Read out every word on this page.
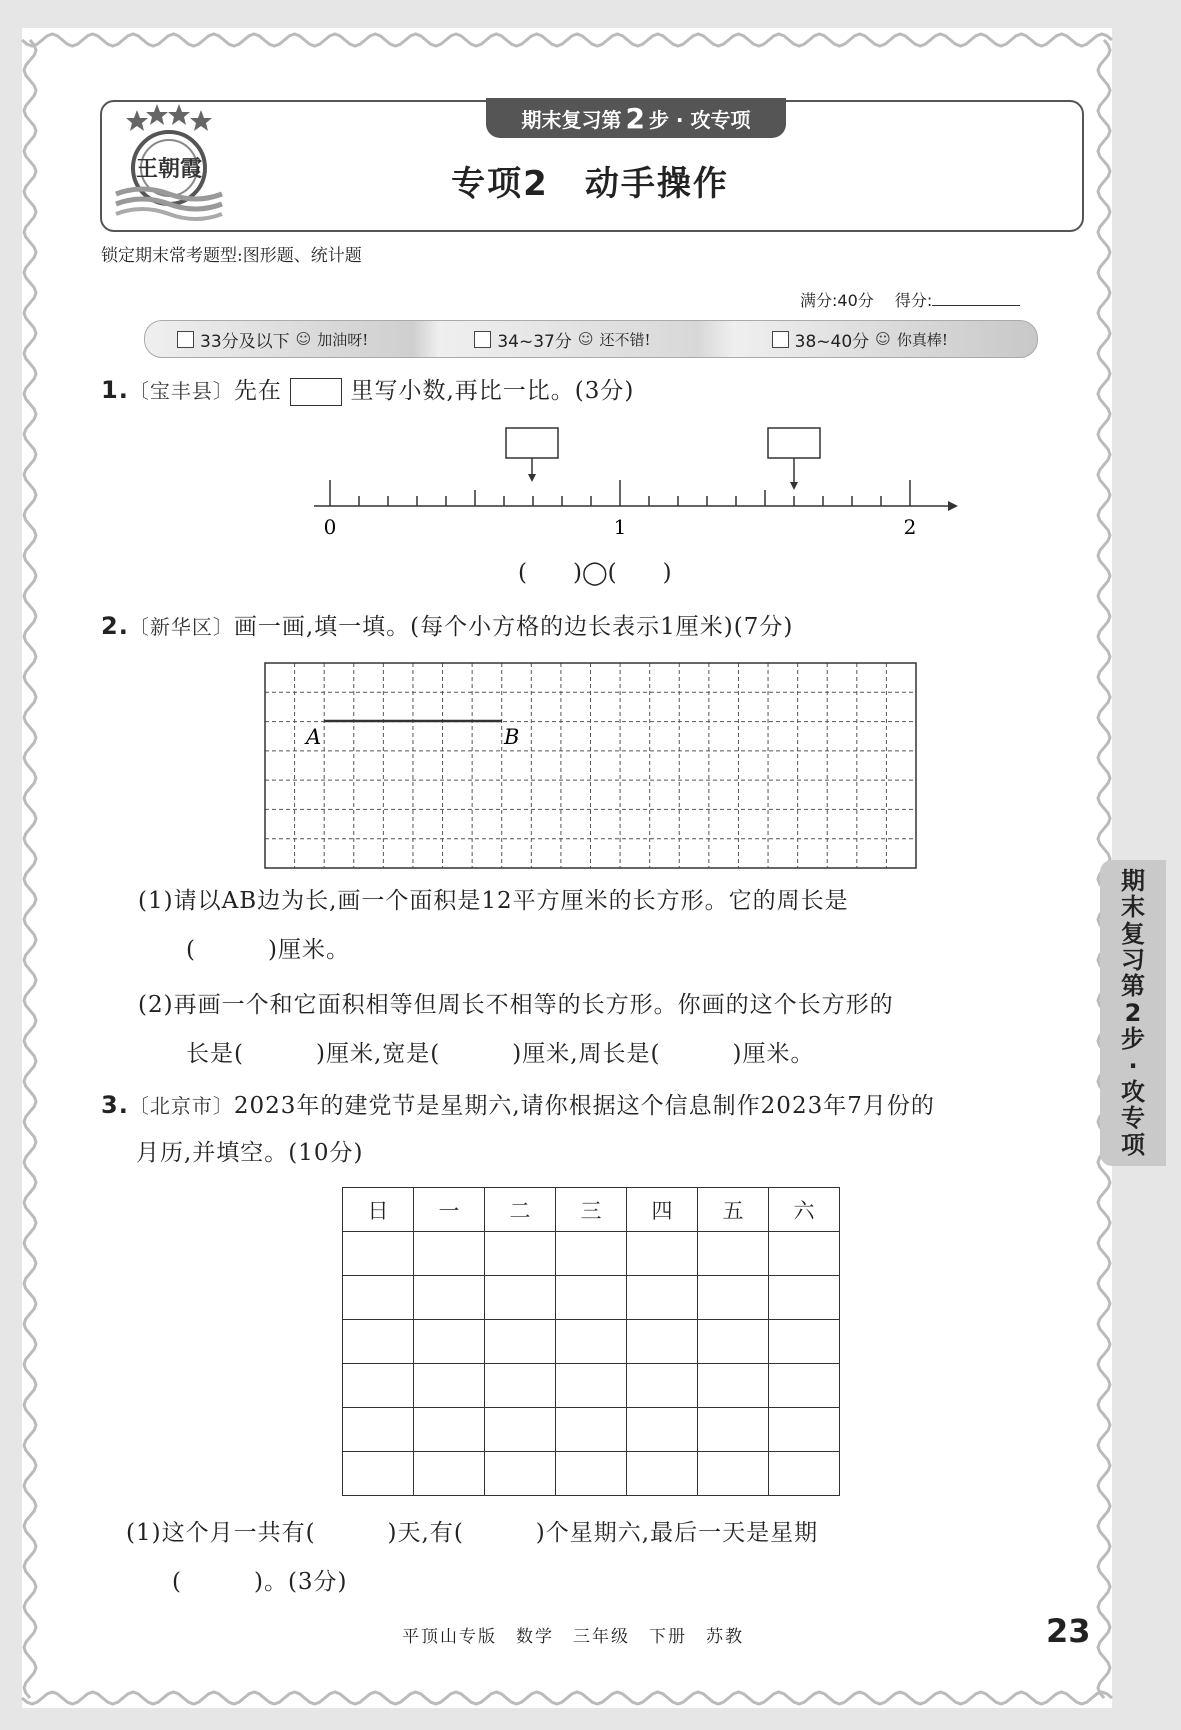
期末复习第 2 步 · 攻专项
王朝霞	专项2　动手操作
锁定期末常考题型:图形题、统计题
满分:40分　 得分:
33分及以下 ☺ 加油呀!	34~37分 ☺ 还不错!	38~40分 ☺ 你真棒!
1.〔宝丰县〕先在	里写小数,再比一比。(3分)
0	1	2
(　　)◯(　　)
2.〔新华区〕画一画,填一填。(每个小方格的边长表示1厘米)(7分)
A	B
(1)请以AB边为长,画一个面积是12平方厘米的长方形。它的周长是
(　　　)厘米。
(2)再画一个和它面积相等但周长不相等的长方形。你画的这个长方形的
长是(　　　)厘米,宽是(　　　)厘米,周长是(　　　)厘米。
3.〔北京市〕2023年的建党节是星期六,请你根据这个信息制作2023年7月份的
月历,并填空。(10分)
日	一	二	三	四	五	六

(1)这个月一共有(　　　)天,有(　　　)个星期六,最后一天是星期
(　　　)。(3分)
期
末
复
习
第
2
步
·
攻
专
项
平顶山专版　数学　三年级　下册　苏教	23
